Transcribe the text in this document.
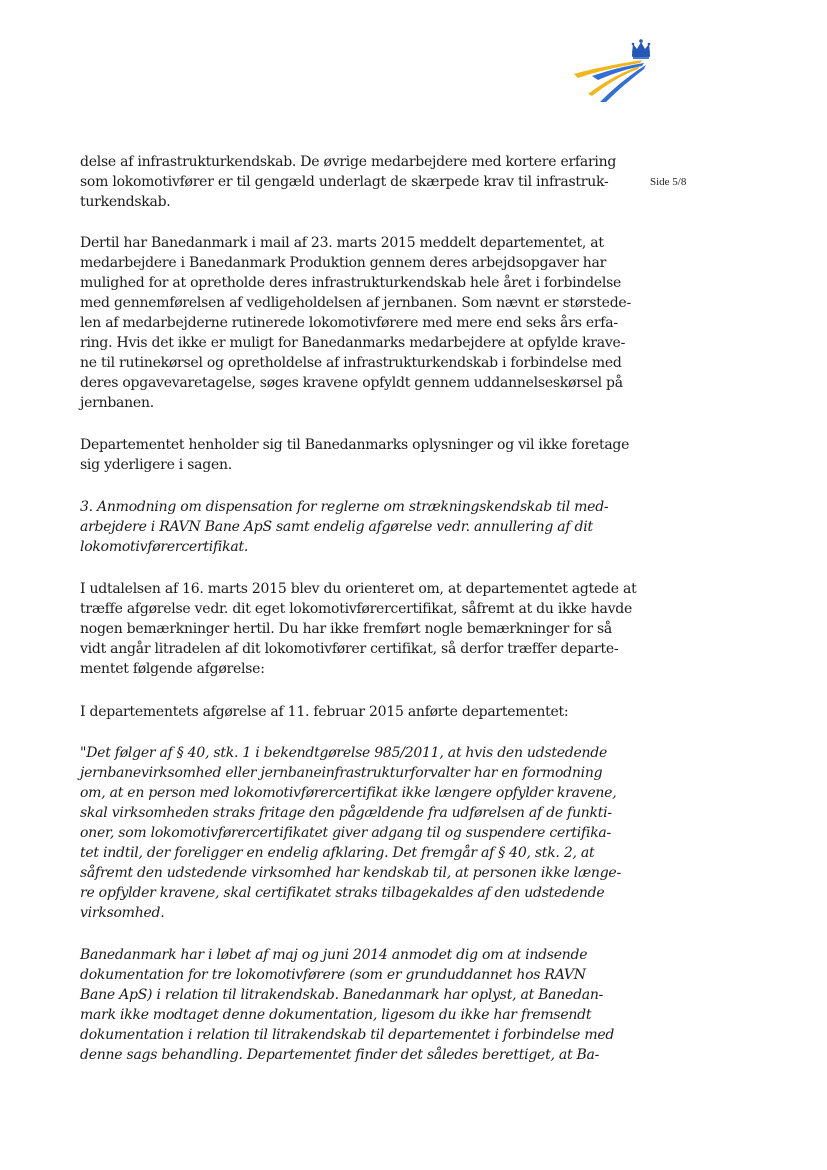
Side 5/8
delse af infrastrukturkendskab. De øvrige medarbejdere med kortere erfaring
som lokomotivfører er til gengæld underlagt de skærpede krav til infrastruk-
turkendskab.
Dertil har Banedanmark i mail af 23. marts 2015 meddelt departementet, at
medarbejdere i Banedanmark Produktion gennem deres arbejdsopgaver har
mulighed for at opretholde deres infrastrukturkendskab hele året i forbindelse
med gennemførelsen af vedligeholdelsen af jernbanen. Som nævnt er størstede-
len af medarbejderne rutinerede lokomotivførere med mere end seks års erfa-
ring. Hvis det ikke er muligt for Banedanmarks medarbejdere at opfylde krave-
ne til rutinekørsel og opretholdelse af infrastrukturkendskab i forbindelse med
deres opgavevaretagelse, søges kravene opfyldt gennem uddannelseskørsel på
jernbanen.
Departementet henholder sig til Banedanmarks oplysninger og vil ikke foretage
sig yderligere i sagen.
3. Anmodning om dispensation for reglerne om strækningskendskab til med-
arbejdere i RAVN Bane ApS samt endelig afgørelse vedr. annullering af dit
lokomotivførercertifikat.
I udtalelsen af 16. marts 2015 blev du orienteret om, at departementet agtede at
træffe afgørelse vedr. dit eget lokomotivførercertifikat, såfremt at du ikke havde
nogen bemærkninger hertil. Du har ikke fremført nogle bemærkninger for så
vidt angår litradelen af dit lokomotivfører certifikat, så derfor træffer departe-
mentet følgende afgørelse:
I departementets afgørelse af 11. februar 2015 anførte departementet:
"Det følger af § 40, stk. 1 i bekendtgørelse 985/2011, at hvis den udstedende
jernbanevirksomhed eller jernbaneinfrastrukturforvalter har en formodning
om, at en person med lokomotivførercertifikat ikke længere opfylder kravene,
skal virksomheden straks fritage den pågældende fra udførelsen af de funkti-
oner, som lokomotivførercertifikatet giver adgang til og suspendere certifika-
tet indtil, der foreligger en endelig afklaring. Det fremgår af § 40, stk. 2, at
såfremt den udstedende virksomhed har kendskab til, at personen ikke længe-
re opfylder kravene, skal certifikatet straks tilbagekaldes af den udstedende
virksomhed.
Banedanmark har i løbet af maj og juni 2014 anmodet dig om at indsende
dokumentation for tre lokomotivførere (som er grunduddannet hos RAVN
Bane ApS) i relation til litrakendskab. Banedanmark har oplyst, at Banedan-
mark ikke modtaget denne dokumentation, ligesom du ikke har fremsendt
dokumentation i relation til litrakendskab til departementet i forbindelse med
denne sags behandling. Departementet finder det således berettiget, at Ba-
